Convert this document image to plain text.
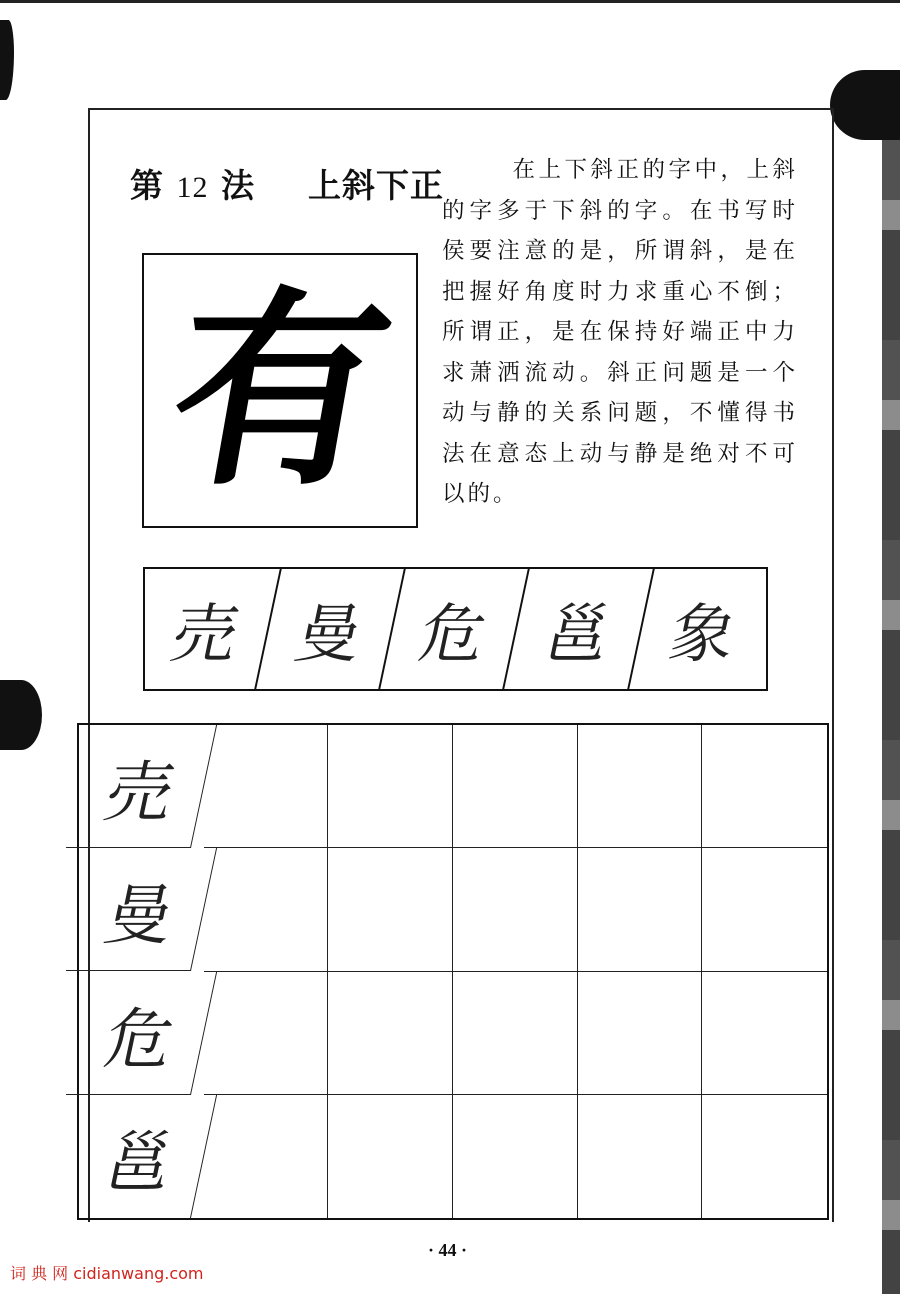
第 12 法 上斜下正	在上下斜正的字中，上斜的字多于下斜的字。在书写时侯要注意的是，所谓斜，是在把握好角度时力求重心不倒；所谓正，是在保持好端正中力求萧洒流动。斜正问题是一个动与静的关系问题，不懂得书法在意态上动与静是绝对不可以的。
有
売 曼 危 邕 象
売
曼
危
邕
· 44 ·
词 典 网 cidianwang.com
